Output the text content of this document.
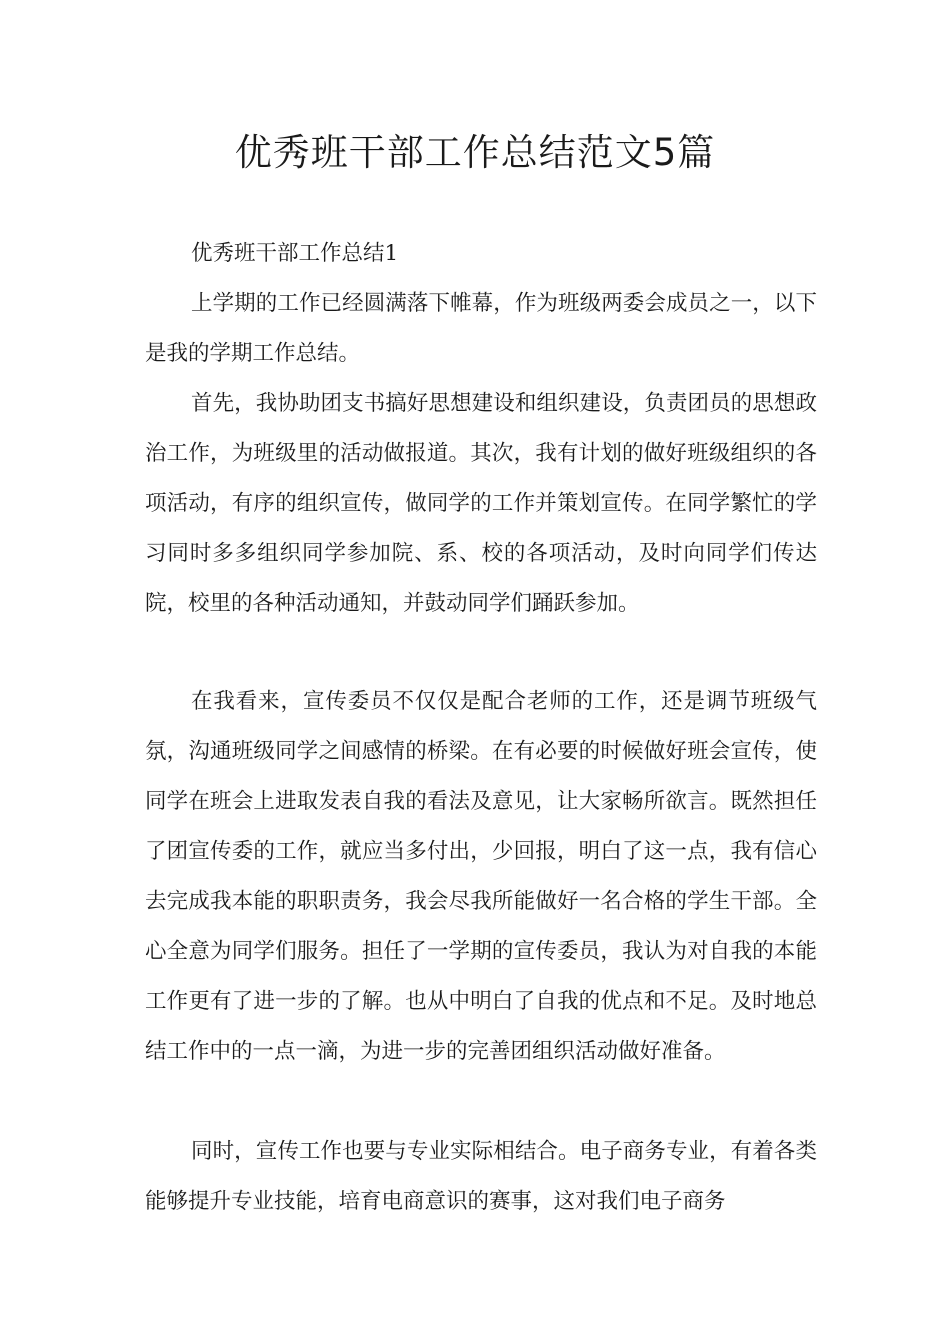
优秀班干部工作总结范文5篇

优秀班干部工作总结1

上学期的工作已经圆满落下帷幕，作为班级两委会成员之一，以下是我的学期工作总结。

首先，我协助团支书搞好思想建设和组织建设，负责团员的思想政治工作，为班级里的活动做报道。其次，我有计划的做好班级组织的各项活动，有序的组织宣传，做同学的工作并策划宣传。在同学繁忙的学习同时多多组织同学参加院、系、校的各项活动，及时向同学们传达院，校里的各种活动通知，并鼓动同学们踊跃参加。

在我看来，宣传委员不仅仅是配合老师的工作，还是调节班级气氛，沟通班级同学之间感情的桥梁。在有必要的时候做好班会宣传，使同学在班会上进取发表自我的看法及意见，让大家畅所欲言。既然担任了团宣传委的工作，就应当多付出，少回报，明白了这一点，我有信心去完成我本能的职职责务，我会尽我所能做好一名合格的学生干部。全心全意为同学们服务。担任了一学期的宣传委员，我认为对自我的本能工作更有了进一步的了解。也从中明白了自我的优点和不足。及时地总结工作中的一点一滴，为进一步的完善团组织活动做好准备。

同时，宣传工作也要与专业实际相结合。电子商务专业，有着各类能够提升专业技能，培育电商意识的赛事，这对我们电子商务
